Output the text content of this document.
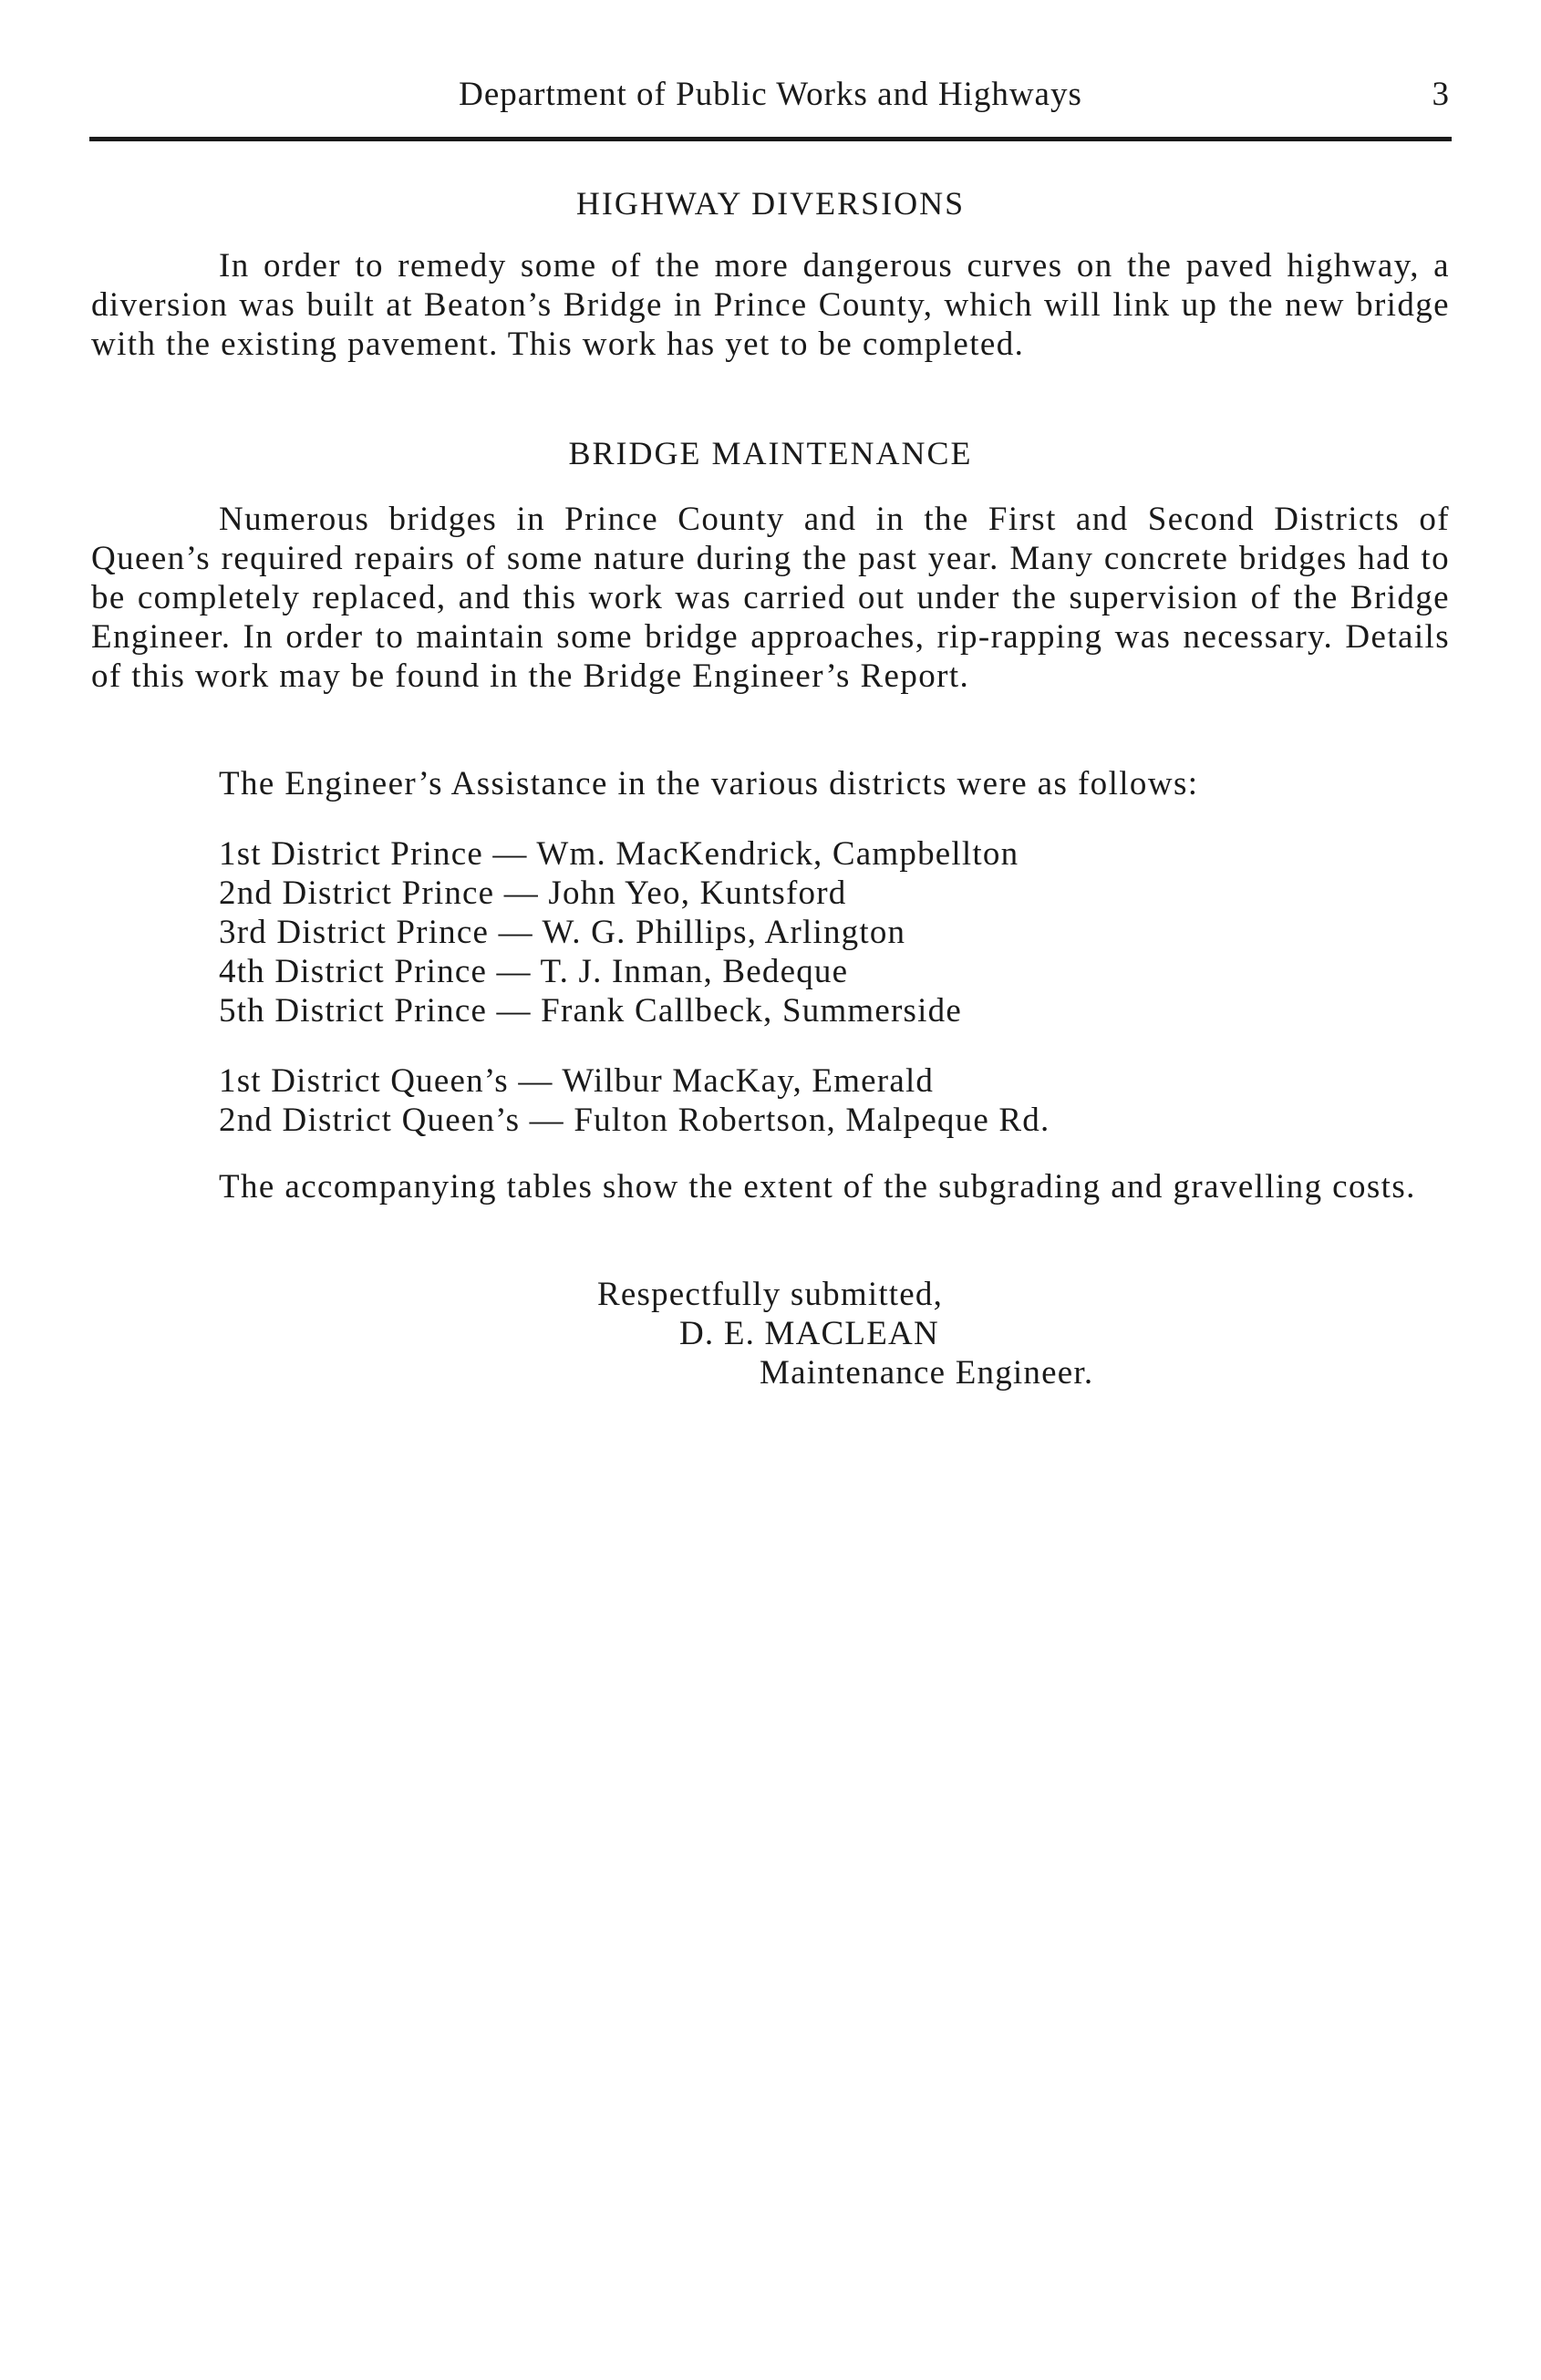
Department of Public Works and Highways	3
HIGHWAY DIVERSIONS

In order to remedy some of the more dangerous curves on the paved highway, a diversion was built at Beaton’s Bridge in Prince County, which will link up the new bridge with the existing pavement. This work has yet to be completed.

BRIDGE MAINTENANCE

Numerous bridges in Prince County and in the First and Second Districts of Queen’s required repairs of some nature during the past year. Many concrete bridges had to be completely replaced, and this work was carried out under the supervision of the Bridge Engineer. In order to maintain some bridge approaches, rip-rapping was necessary. Details of this work may be found in the Bridge Engineer’s Report.

The Engineer’s Assistance in the various districts were as follows:

1st District Prince — Wm. MacKendrick, Campbellton
2nd District Prince — John Yeo, Kuntsford
3rd District Prince — W. G. Phillips, Arlington
4th District Prince — T. J. Inman, Bedeque
5th District Prince — Frank Callbeck, Summerside
1st District Queen’s — Wilbur MacKay, Emerald
2nd District Queen’s — Fulton Robertson, Malpeque Rd.

The accompanying tables show the extent of the subgrading and gravelling costs.

Respectfully submitted,
D. E. MACLEAN
Maintenance Engineer.
